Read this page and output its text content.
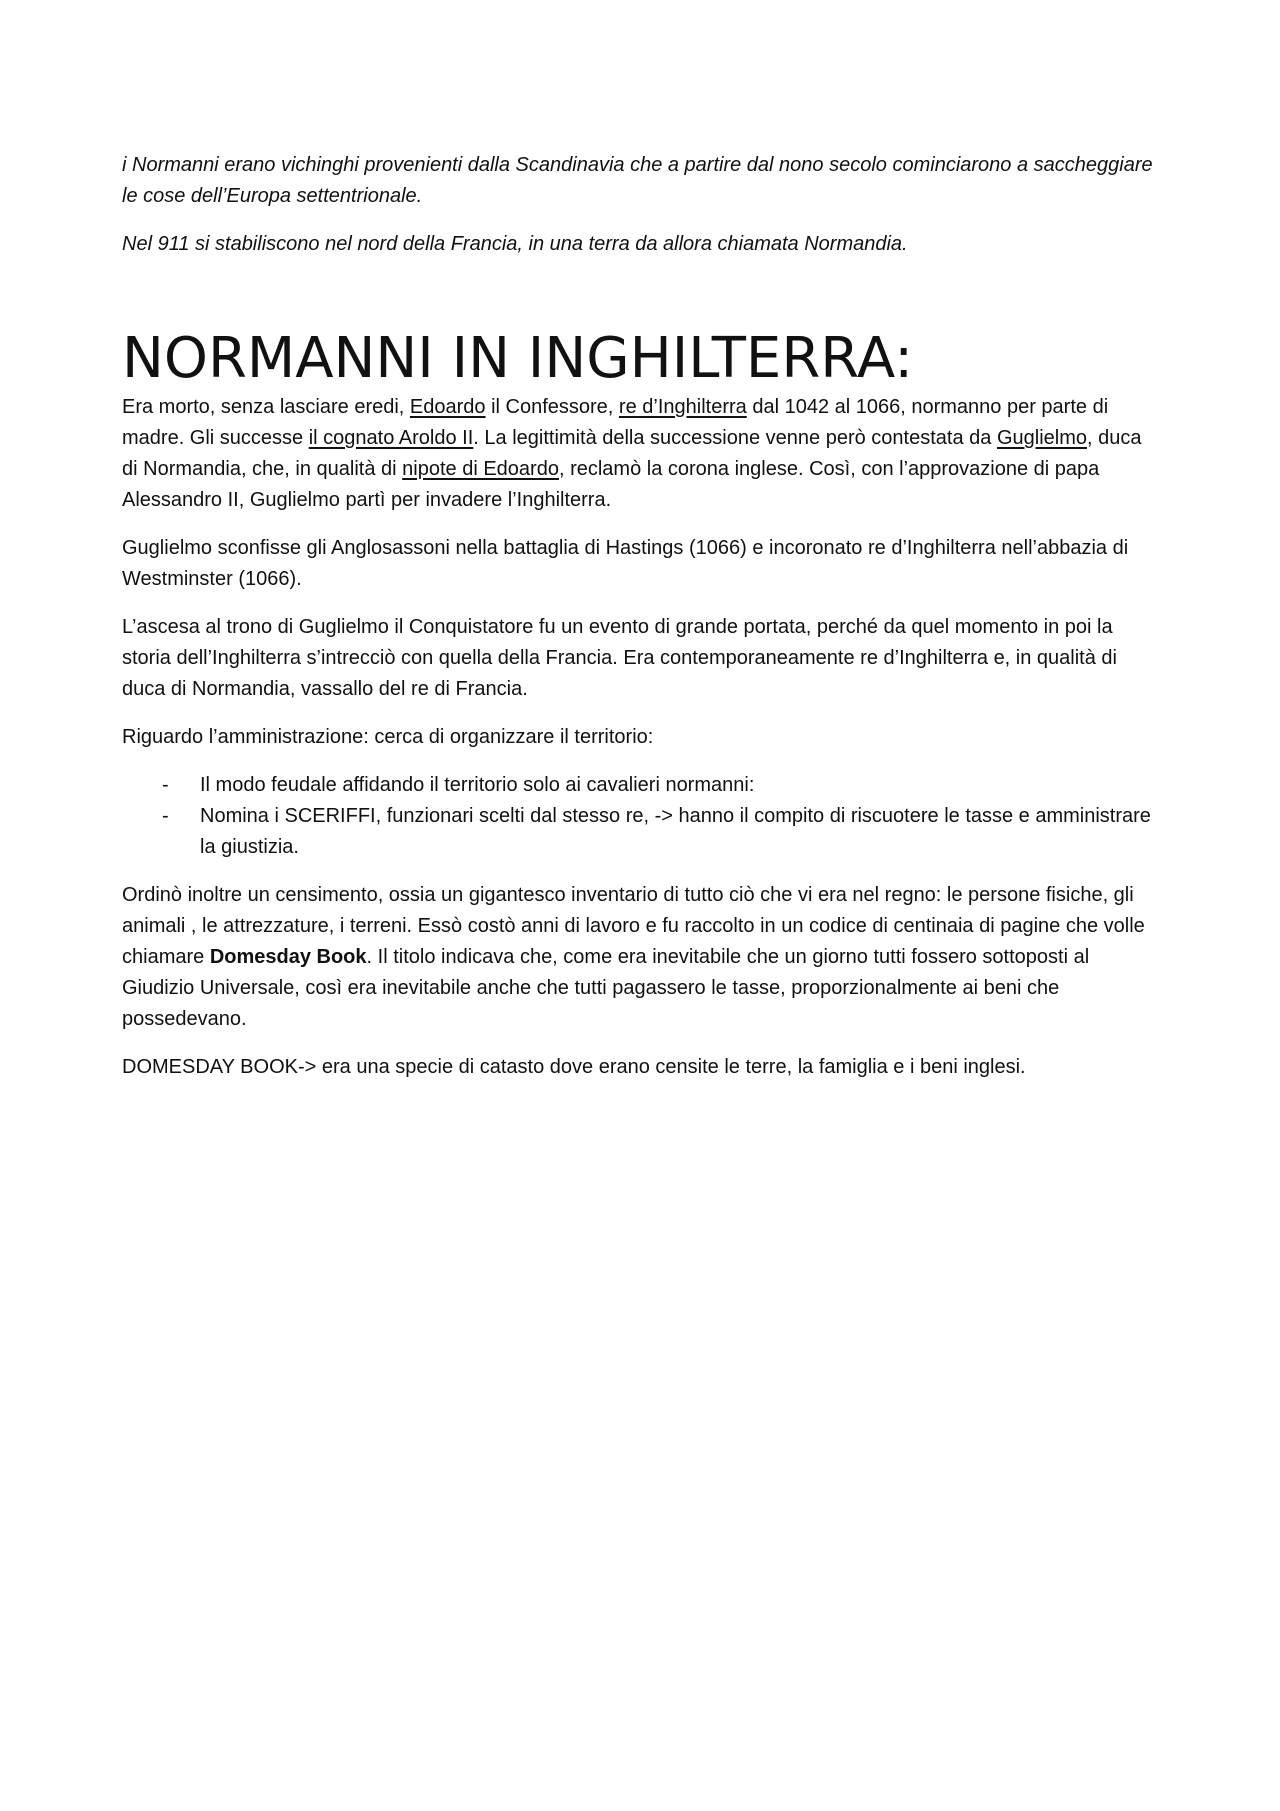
i Normanni erano vichinghi provenienti dalla Scandinavia che a partire dal nono secolo cominciarono a saccheggiare le cose dell’Europa settentrionale.

Nel 911 si stabiliscono nel nord della Francia, in una terra da allora chiamata Normandia.

NORMANNI IN INGHILTERRA:

Era morto, senza lasciare eredi, Edoardo il Confessore, re d’Inghilterra dal 1042 al 1066, normanno per parte di madre. Gli successe il cognato Aroldo II. La legittimità della successione venne però contestata da Guglielmo, duca di Normandia, che, in qualità di nipote di Edoardo, reclamò la corona inglese. Così, con l’approvazione di papa Alessandro II, Guglielmo partì per invadere l’Inghilterra.

Guglielmo sconfisse gli Anglosassoni nella battaglia di Hastings (1066) e incoronato re d’Inghilterra nell’abbazia di Westminster (1066).

L’ascesa al trono di Guglielmo il Conquistatore fu un evento di grande portata, perché da quel momento in poi la storia dell’Inghilterra s’intrecciò con quella della Francia. Era contemporaneamente re d’Inghilterra e, in qualità di duca di Normandia, vassallo del re di Francia.

Riguardo l’amministrazione: cerca di organizzare il territorio:

- Il modo feudale affidando il territorio solo ai cavalieri normanni:
- Nomina i SCERIFFI, funzionari scelti dal stesso re, -> hanno il compito di riscuotere le tasse e amministrare la giustizia.

Ordinò inoltre un censimento, ossia un gigantesco inventario di tutto ciò che vi era nel regno: le persone fisiche, gli animali , le attrezzature, i terreni. Essò costò anni di lavoro e fu raccolto in un codice di centinaia di pagine che volle chiamare Domesday Book. Il titolo indicava che, come era inevitabile che un giorno tutti fossero sottoposti al Giudizio Universale, così era inevitabile anche che tutti pagassero le tasse, proporzionalmente ai beni che possedevano.

DOMESDAY BOOK-> era una specie di catasto dove erano censite le terre, la famiglia e i beni inglesi.
